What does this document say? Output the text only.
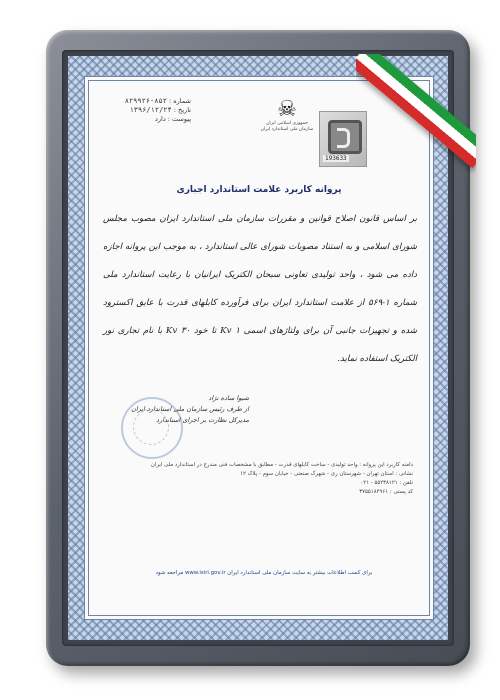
شماره : ۸۵۲-۸۲۹۹۲۶
تاریخ : ۱۳۹۶/۱۲/۲۴
پیوست : دارد	☠
جمهوری اسلامی ایران
سازمان ملی استاندارد ایران
193633
پروانه کاربرد علامت استاندارد اجباری
بر اساس قانون اصلاح قوانین و مقررات سازمان ملی استاندارد ایران مصوب مجلس شورای اسلامی و به استناد مصوبات شورای عالی استاندارد ، به موجب این پروانه اجازه داده می شود ، واحد تولیدی تعاونی سبحان الکتریک ایرانیان با رعایت استاندارد ملی شماره ۱-۵۶۹ از علامت استاندارد ایران برای فرآورده کابلهای قدرت با عایق اکسترود شده و تجهیزات جانبی آن برای ولتاژهای اسمی Kv ۱ تا خود Kv ۳۰ با نام تجاری نور الکتریک استفاده نماید.
شیوا ساده نژاد
از طرف رئیس سازمان ملی استاندارد ایران
مدیرکل نظارت بر اجرای استاندارد
دامنه کاربرد این پروانه : واحد تولیدی - ساخت کابلهای قدرت - مطابق با مشخصات فنی مندرج در استاندارد ملی ایران
نشانی : استان تهران - شهرستان ری - شهرک صنعتی - خیابان سوم - پلاک ۱۲
تلفن : ۵۵۲۳۸۱۲۱ - ۰۲۱
کد پستی : ۳۷۵۵۱۸۴۹۶۱
برای کسب اطلاعات بیشتر به سایت سازمان ملی استاندارد ایران www.isiri.gov.ir مراجعه شود
